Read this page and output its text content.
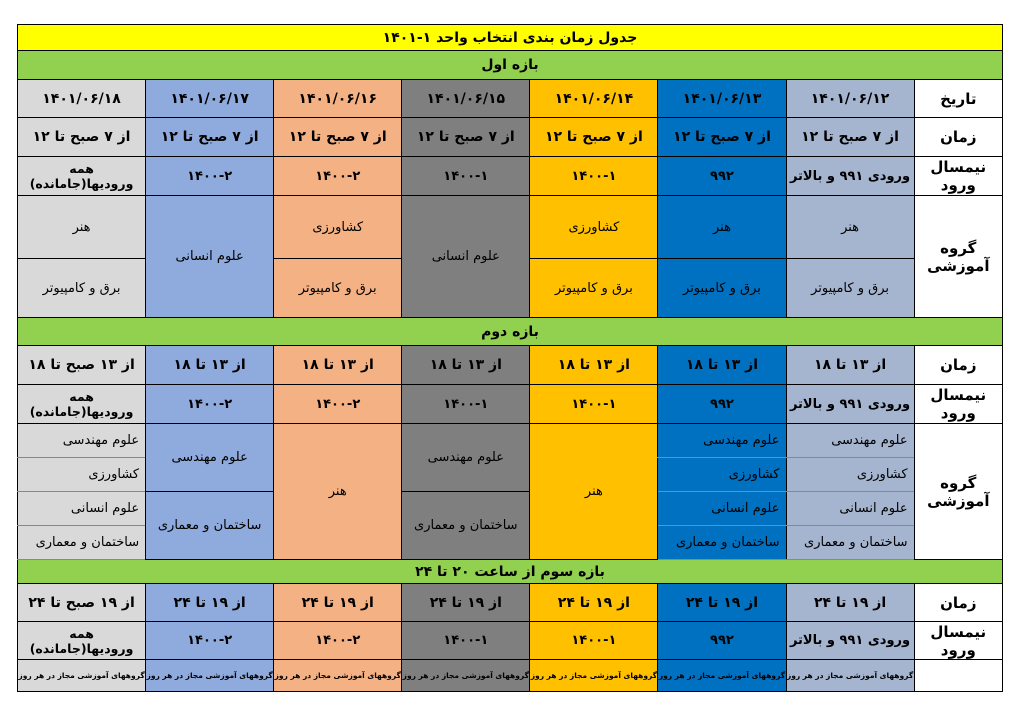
جدول زمان بندی انتخاب واحد ۱-۱۴۰۱							
بازه اول							
تاریخ	۱۴۰۱/۰۶/۱۲	۱۴۰۱/۰۶/۱۳	۱۴۰۱/۰۶/۱۴	۱۴۰۱/۰۶/۱۵	۱۴۰۱/۰۶/۱۶	۱۴۰۱/۰۶/۱۷	۱۴۰۱/۰۶/۱۸
زمان	از ۷ صبح تا ۱۲	از ۷ صبح تا ۱۲	از ۷ صبح تا ۱۲	از ۷ صبح تا ۱۲	از ۷ صبح تا ۱۲	از ۷ صبح تا ۱۲	از ۷ صبح تا ۱۲
نیمسال ورود	ورودی ۹۹۱ و بالاتر	۹۹۲	۱۴۰۰-۱	۱۴۰۰-۱	۱۴۰۰-۲	۱۴۰۰-۲	همه ورودیها(جامانده)
گروه آموزشی	هنر	هنر	کشاورزی	علوم انسانی	کشاورزی	علوم انسانی	هنر
	برق و کامپیوتر	برق و کامپیوتر	برق و کامپیوتر		برق و کامپیوتر		برق و کامپیوتر
بازه دوم							
زمان	از ۱۳ تا ۱۸	از ۱۳ تا ۱۸	از ۱۳ تا ۱۸	از ۱۳ تا ۱۸	از ۱۳ تا ۱۸	از ۱۳ تا ۱۸	از ۱۳ صبح تا ۱۸
نیمسال ورود	ورودی ۹۹۱ و بالاتر	۹۹۲	۱۴۰۰-۱	۱۴۰۰-۱	۱۴۰۰-۲	۱۴۰۰-۲	همه ورودیها(جامانده)
گروه آموزشی	علوم مهندسی	علوم مهندسی	هنر	علوم مهندسی	هنر	علوم مهندسی	علوم مهندسی
	کشاورزی	کشاورزی					کشاورزی
	علوم انسانی	علوم انسانی		ساختمان و معماری		ساختمان و معماری	علوم انسانی
	ساختمان و معماری	ساختمان و معماری					ساختمان و معماری
بازه سوم از ساعت ۲۰ تا ۲۴							
زمان	از ۱۹ تا ۲۴	از ۱۹ تا ۲۴	از ۱۹ تا ۲۴	از ۱۹ تا ۲۴	از ۱۹ تا ۲۴	از ۱۹ تا ۲۴	از ۱۹ صبح تا ۲۴
نیمسال ورود	ورودی ۹۹۱ و بالاتر	۹۹۲	۱۴۰۰-۱	۱۴۰۰-۱	۱۴۰۰-۲	۱۴۰۰-۲	همه ورودیها(جامانده)
	گروههای آموزشی مجاز در هر روز	گروههای آموزشی مجاز در هر روز	گروههای آموزشی مجاز در هر روز	گروههای آموزشی مجاز در هر روز	گروههای آموزشی مجاز در هر روز	گروههای آموزشی مجاز در هر روز	گروههای آموزشی مجاز در هر روز
